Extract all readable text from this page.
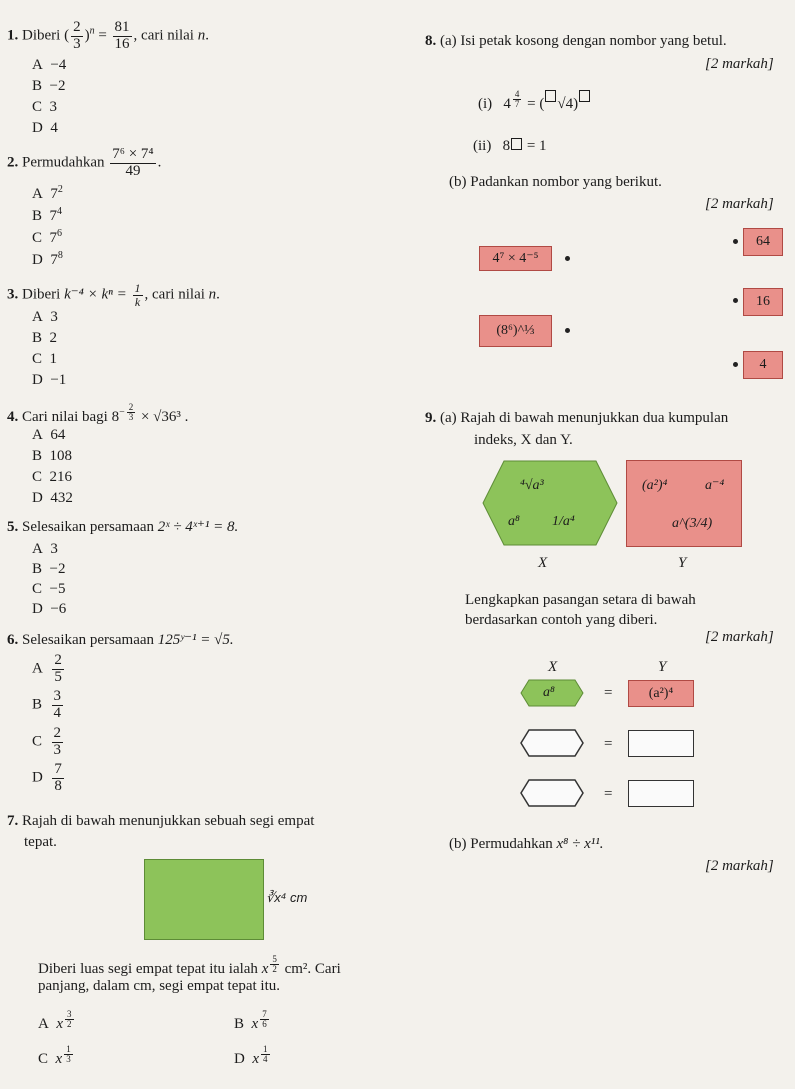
1. Diberi ( $\frac{2}{3} )^n = \frac{81}{16}$ , cari nilai n.
A −4
B −2
C 3
D 4
2. Permudahkan $\frac{\text{7⁶ × 7⁴}}{49}$ .
A $7^2$
B $7^4$
C $7^6$
D $7^8$
3. Diberi $k^{-4} \times k^n = \frac{1}{k}$ , cari nilai n.
A 3
B 2
C 1
D −1
4. Cari nilai bagi $8^{- \frac{2}{3}} \times √36^3$ .
A 64
B 108
C 216
D 432
5. Selesaikan persamaan 2ˣ ÷ 4ˣ⁺¹ = 8.
A 3
B −2
C −5
D −6
6. Selesaikan persamaan 125ʸ⁻¹ = √5.
A $\frac{2}{5}$
B $\frac{3}{4}$
C $\frac{2}{3}$
D $\frac{7}{8}$
7. Rajah di bawah menunjukkan sebuah segi empat
tepat.
∛x⁴ cm
Diberi luas segi empat tepat itu ialah x $^{\frac{5}{2}}$ cm². Cari
panjang, dalam cm, segi empat tepat itu.
A x $^{\frac{3}{2}}$	B x $^{\frac{7}{6}}$
C x $^{\frac{1}{3}}$	D x $^{\frac{1}{4}}$
8. (a) Isi petak kosong dengan nombor yang betul.
[2 markah]
(i) 4 $^{\frac{4}{7}}$ = ( √4)
(ii) 8 = 1
(b) Padankan nombor yang berikut.
[2 markah]
4⁷ × 4⁻⁵
(8⁶)^⅓
64
16
4
9. (a) Rajah di bawah menunjukkan dua kumpulan
indeks, X dan Y.
⁴√a³
a⁸ 1/a⁴
(a²)⁴	a⁻⁴
a^(3/4)
X	Y
Lengkapkan pasangan setara di bawah
berdasarkan contoh yang diberi.
[2 markah]
X	Y
a⁸	=	(a²)⁴
=
=
(b) Permudahkan x⁸ ÷ x¹¹.
[2 markah]
